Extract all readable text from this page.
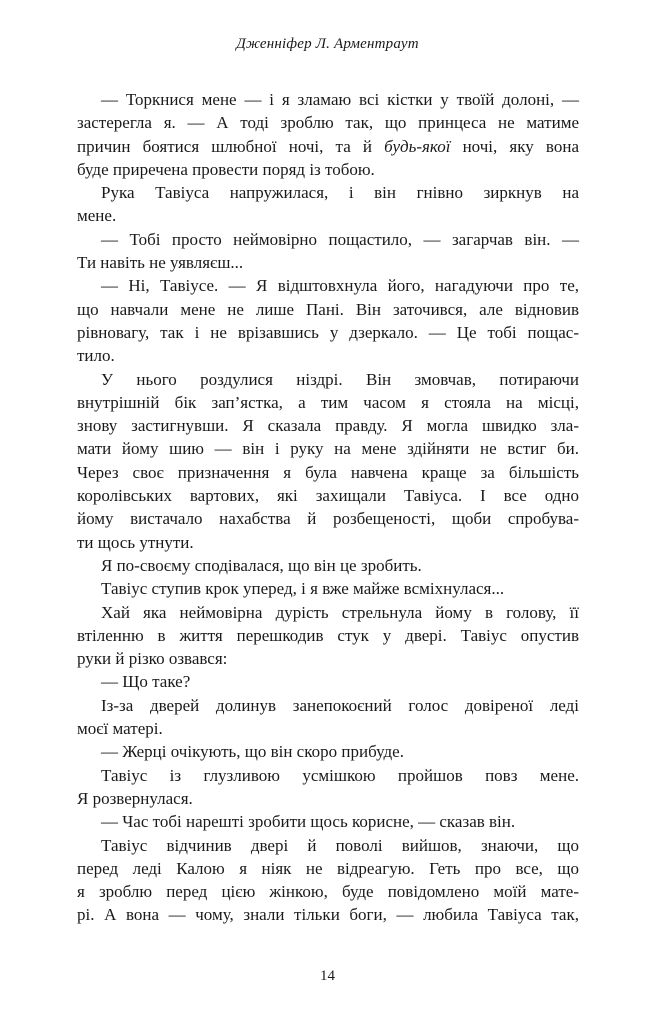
Дженніфер Л. Арментраут

— Торкнися мене — і я зламаю всі кістки у твоїй долоні, —
застерегла я. — А тоді зроблю так, що принцеса не матиме
причин боятися шлюбної ночі, та й будь-якої ночі, яку вона
буде приречена провести поряд із тобою.

Рука Тавіуса напружилася, і він гнівно зиркнув на
мене.

— Тобі просто неймовірно пощастило, — загарчав він. —
Ти навіть не уявляєш...

— Ні, Тавіусе. — Я відштовхнула його, нагадуючи про те,
що навчали мене не лише Пані. Він заточився, але відновив
рівновагу, так і не врізавшись у дзеркало. — Це тобі пощас-
тило.

У нього роздулися ніздрі. Він змовчав, потираючи
внутрішній бік зап’ястка, а тим часом я стояла на місці,
знову застигнувши. Я сказала правду. Я могла швидко зла-
мати йому шию — він і руку на мене здійняти не встиг би.
Через своє призначення я була навчена краще за більшість
королівських вартових, які захищали Тавіуса. І все одно
йому вистачало нахабства й розбещеності, щоби спробува-
ти щось утнути.

Я по-своєму сподівалася, що він це зробить.

Тавіус ступив крок уперед, і я вже майже всміхнулася...

Хай яка неймовірна дурість стрельнула йому в голову, її
втіленню в життя перешкодив стук у двері. Тавіус опустив
руки й різко озвався:

— Що таке?

Із-за дверей долинув занепокоєний голос довіреної леді
моєї матері.

— Жерці очікують, що він скоро прибуде.

Тавіус із глузливою усмішкою пройшов повз мене.
Я розвернулася.

— Час тобі нарешті зробити щось корисне, — сказав він.

Тавіус відчинив двері й поволі вийшов, знаючи, що
перед леді Калою я ніяк не відреагую. Геть про все, що
я зроблю перед цією жінкою, буде повідомлено моїй мате-
рі. А вона — чому, знали тільки боги, — любила Тавіуса так,

14
